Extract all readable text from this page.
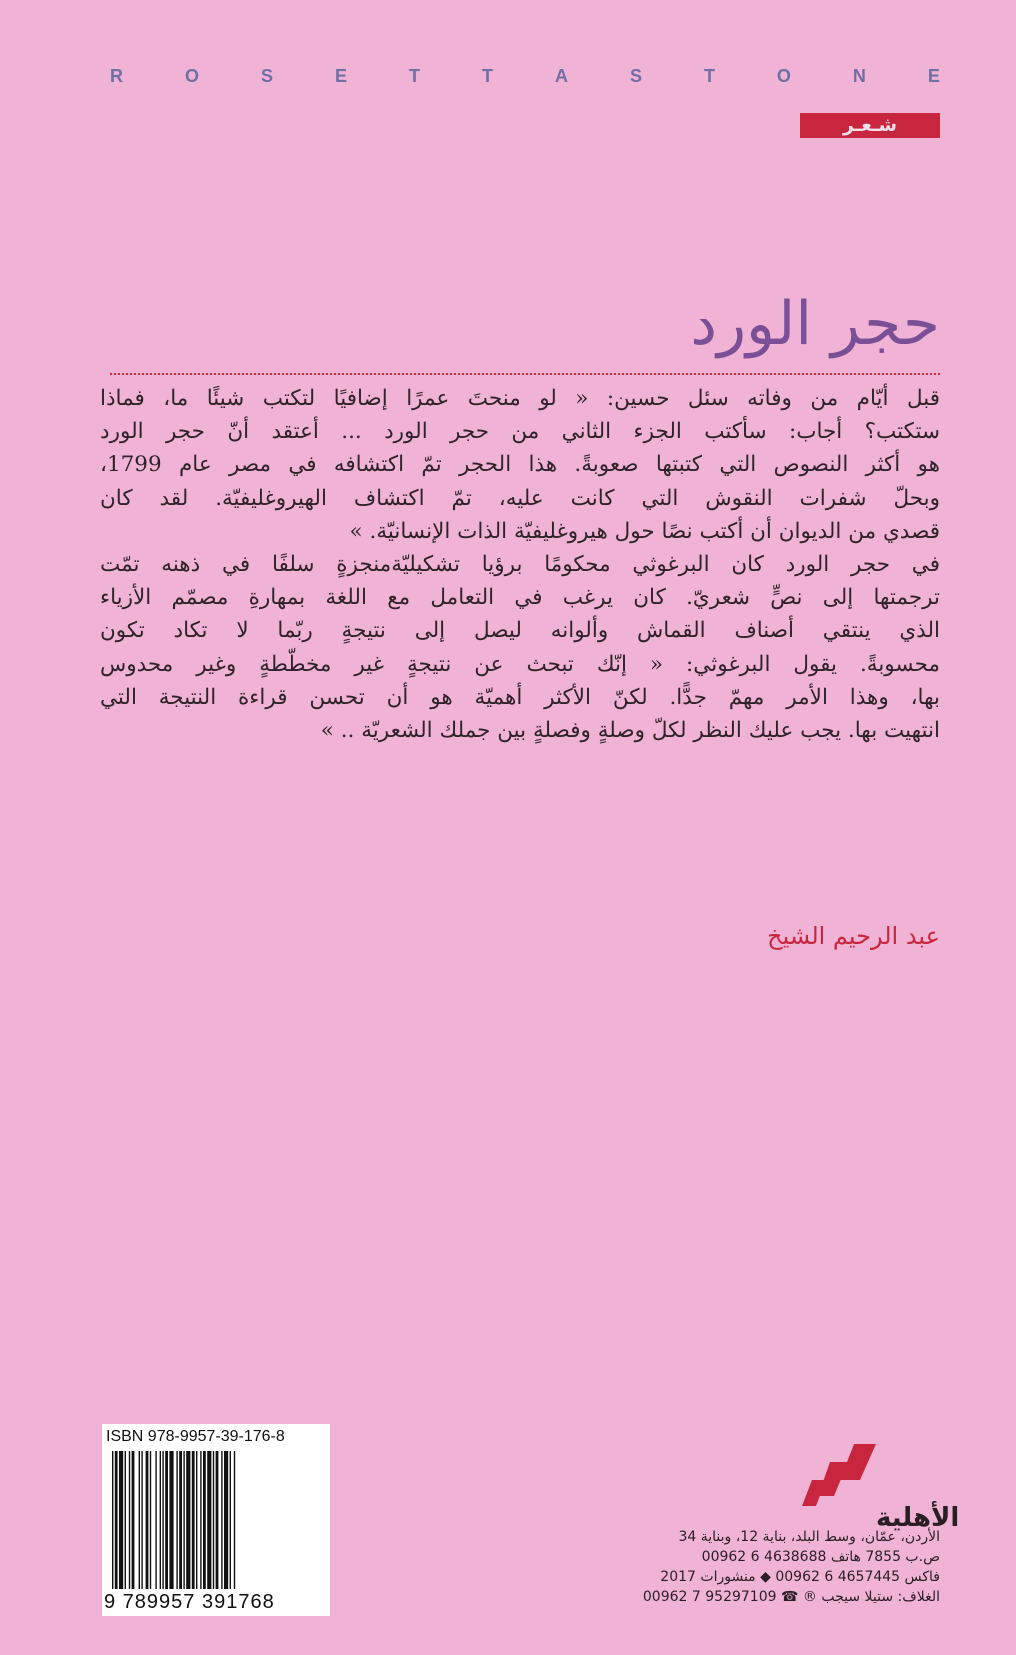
R	O	S	E	T	T	A	S	T	O	N	E
شـعـر
حجر الورد
قبل أيّام من وفاته سئل حسين: « لو منحتَ عمرًا إضافيًا لتكتب شيئًا ما، فماذا
ستكتب؟ أجاب: سأكتب الجزء الثاني من حجر الورد ... أعتقد أنّ حجر الورد
هو أكثر النصوص التي كتبتها صعوبةً. هذا الحجر تمّ اكتشافه في مصر عام 1799،
وبحلّ شفرات النقوش التي كانت عليه، تمّ اكتشاف الهيروغليفيّة. لقد كان
قصدي من الديوان أن أكتب نصًا حول هيروغليفيّة الذات الإنسانيّة. »
في حجر الورد كان البرغوثي محكومًا برؤيا تشكيليّةمنجزةٍ سلفًا في ذهنه تمّت
ترجمتها إلى نصٍّ شعريّ. كان يرغب في التعامل مع اللغة بمهارةِ مصمّم الأزياء
الذي ينتقي أصناف القماش وألوانه ليصل إلى نتيجةٍ ربّما لا تكاد تكون
محسوبةً. يقول البرغوثي: « إنّك تبحث عن نتيجةٍ غير مخطّطةٍ وغير محدوس
بها، وهذا الأمر مهمّ جدًّا. لكنّ الأكثر أهميّة هو أن تحسن قراءة النتيجة التي
انتهيت بها. يجب عليك النظر لكلّ وصلةٍ وفصلةٍ بين جملك الشعريّة .. »
عبد الرحيم الشيخ
ISBN 978-9957-39-176-8
9 789957 391768
الأهلية
الأردن، عمّان، وسط البلد، بناية 12، وبناية 34
ص.ب 7855 هاتف 4638688 6 00962
فاكس 4657445 6 00962 ◆ منشورات 2017
الغلاف: ستيلا سيجب ® ☎ 95297109 7 00962
